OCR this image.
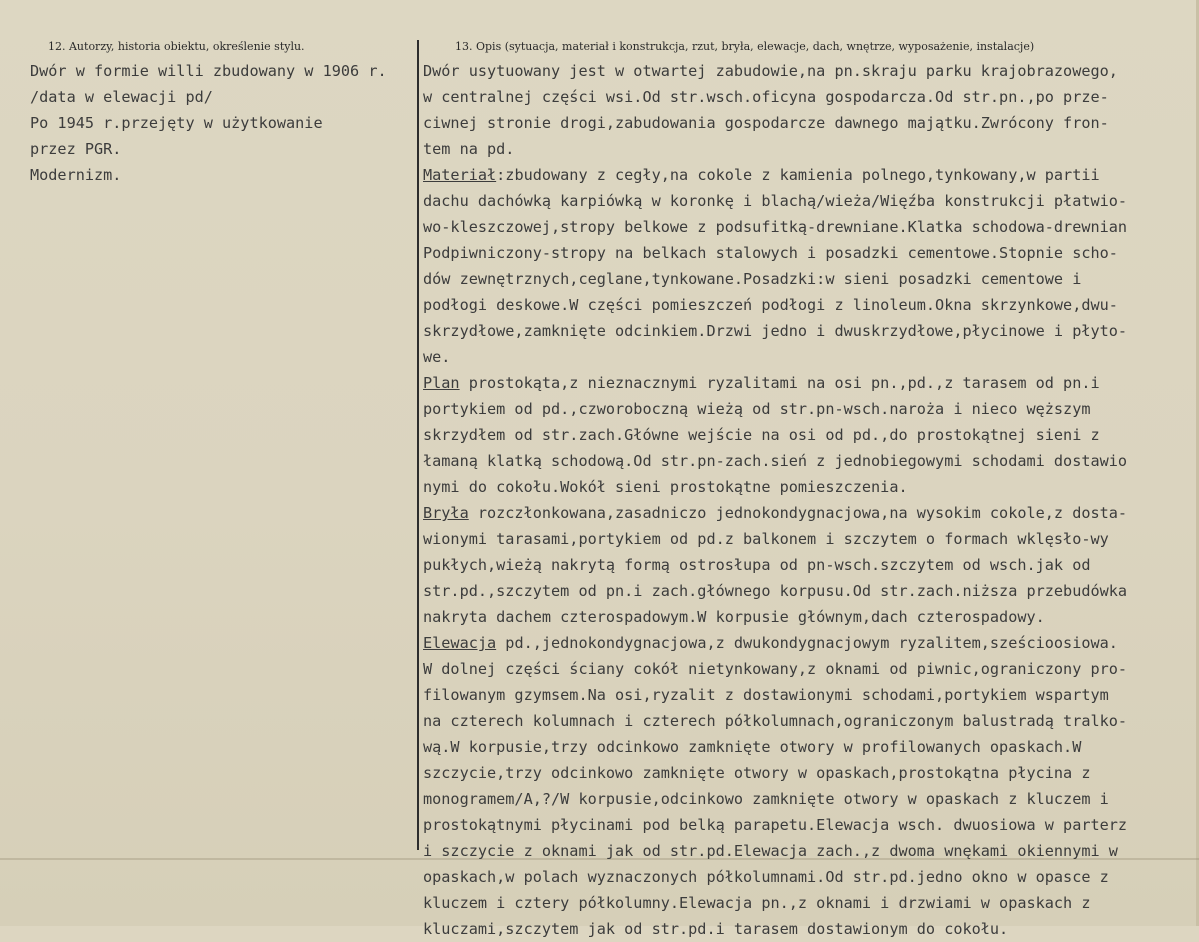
12. Autorzy, historia obiektu, określenie stylu.	13. Opis (sytuacja, materiał i konstrukcja, rzut, bryła, elewacje, dach, wnętrze, wyposażenie, instalacje)
Dwór w formie willi zbudowany w 1906 r.
/data w elewacji pd/
Po 1945 r.przejęty w użytkowanie
przez PGR.
Modernizm.
Dwór usytuowany jest w otwartej zabudowie,na pn.skraju parku krajobrazowego,
w centralnej części wsi.Od str.wsch.oficyna gospodarcza.Od str.pn.,po prze-
ciwnej stronie drogi,zabudowania gospodarcze dawnego majątku.Zwrócony fron-
tem na pd.
Materiał:zbudowany z cegły,na cokole z kamienia polnego,tynkowany,w partii
dachu dachówką karpiówką w koronkę i blachą/wieża/Więźba konstrukcji płatwio-
wo-kleszczowej,stropy belkowe z podsufitką-drewniane.Klatka schodowa-drewnian
Podpiwniczony-stropy na belkach stalowych i posadzki cementowe.Stopnie scho-
dów zewnętrznych,ceglane,tynkowane.Posadzki:w sieni posadzki cementowe i
podłogi deskowe.W części pomieszczeń podłogi z linoleum.Okna skrzynkowe,dwu-
skrzydłowe,zamknięte odcinkiem.Drzwi jedno i dwuskrzydłowe,płycinowe i płyto-
we.
Plan prostokąta,z nieznacznymi ryzalitami na osi pn.,pd.,z tarasem od pn.i
portykiem od pd.,czworoboczną wieżą od str.pn-wsch.naroża i nieco węższym
skrzydłem od str.zach.Główne wejście na osi od pd.,do prostokątnej sieni z
łamaną klatką schodową.Od str.pn-zach.sień z jednobiegowymi schodami dostawio
nymi do cokołu.Wokół sieni prostokątne pomieszczenia.
Bryła rozczłonkowana,zasadniczo jednokondygnacjowa,na wysokim cokole,z dosta-
wionymi tarasami,portykiem od pd.z balkonem i szczytem o formach wklęsło-wy
pukłych,wieżą nakrytą formą ostrosłupa od pn-wsch.szczytem od wsch.jak od
str.pd.,szczytem od pn.i zach.głównego korpusu.Od str.zach.niższa przebudówka
nakryta dachem czterospadowym.W korpusie głównym,dach czterospadowy.
Elewacja pd.,jednokondygnacjowa,z dwukondygnacjowym ryzalitem,sześcioosiowa.
W dolnej części ściany cokół nietynkowany,z oknami od piwnic,ograniczony pro-
filowanym gzymsem.Na osi,ryzalit z dostawionymi schodami,portykiem wspartym
na czterech kolumnach i czterech półkolumnach,ograniczonym balustradą tralko-
wą.W korpusie,trzy odcinkowo zamknięte otwory w profilowanych opaskach.W
szczycie,trzy odcinkowo zamknięte otwory w opaskach,prostokątna płycina z
monogramem/A,?/W korpusie,odcinkowo zamknięte otwory w opaskach z kluczem i
prostokątnymi płycinami pod belką parapetu.Elewacja wsch. dwuosiowa w parterz
i szczycie z oknami jak od str.pd.Elewacja zach.,z dwoma wnękami okiennymi w
opaskach,w polach wyznaczonych półkolumnami.Od str.pd.jedno okno w opasce z
kluczem i cztery półkolumny.Elewacja pn.,z oknami i drzwiami w opaskach z
kluczami,szczytem jak od str.pd.i tarasem dostawionym do cokołu.
